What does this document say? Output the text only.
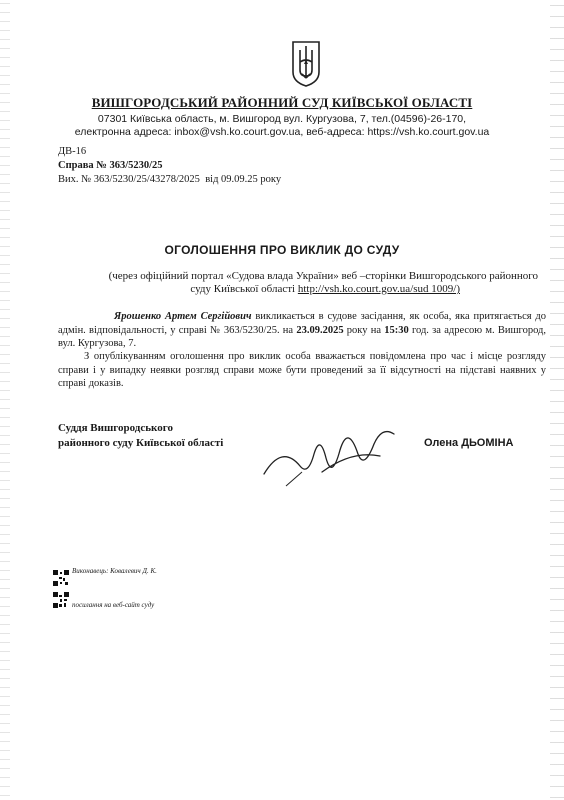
ВИШГОРОДСЬКИЙ РАЙОННИЙ СУД КИЇВСЬКОЇ ОБЛАСТІ
07301 Київська область, м. Вишгород вул. Кургузова, 7, тел.(04596)-26-170,
електронна адреса: inbox@vsh.ko.court.gov.ua, веб-адреса: https://vsh.ko.court.gov.ua
ДВ-16
Справа № 363/5230/25
Вих. № 363/5230/25/43278/2025 від 09.09.25 року
ОГОЛОШЕННЯ ПРО ВИКЛИК ДО СУДУ
(через офіційний портал «Судова влада України» веб –сторінки Вишгородського районного
суду Київської області http://vsh.ko.court.gov.ua/sud 1009/)
Ярошенко Артем Сергійович викликається в судове засідання, як особа, яка притягається до адмін. відповідальності, у справі № 363/5230/25. на 23.09.2025 року на 15:30 год. за адресою м. Вишгород, вул. Кургузова, 7.
З опублікуванням оголошення про виклик особа вважається повідомлена про час і місце розгляду справи і у випадку неявки розгляд справи може бути проведений за її відсутності на підставі наявних у справі доказів.
Суддя Вишгородського
районного суду Київської області	Олена ДЬОМІНА
Виконавець: Ковалевич Д. К.
посилання на веб-сайт суду
